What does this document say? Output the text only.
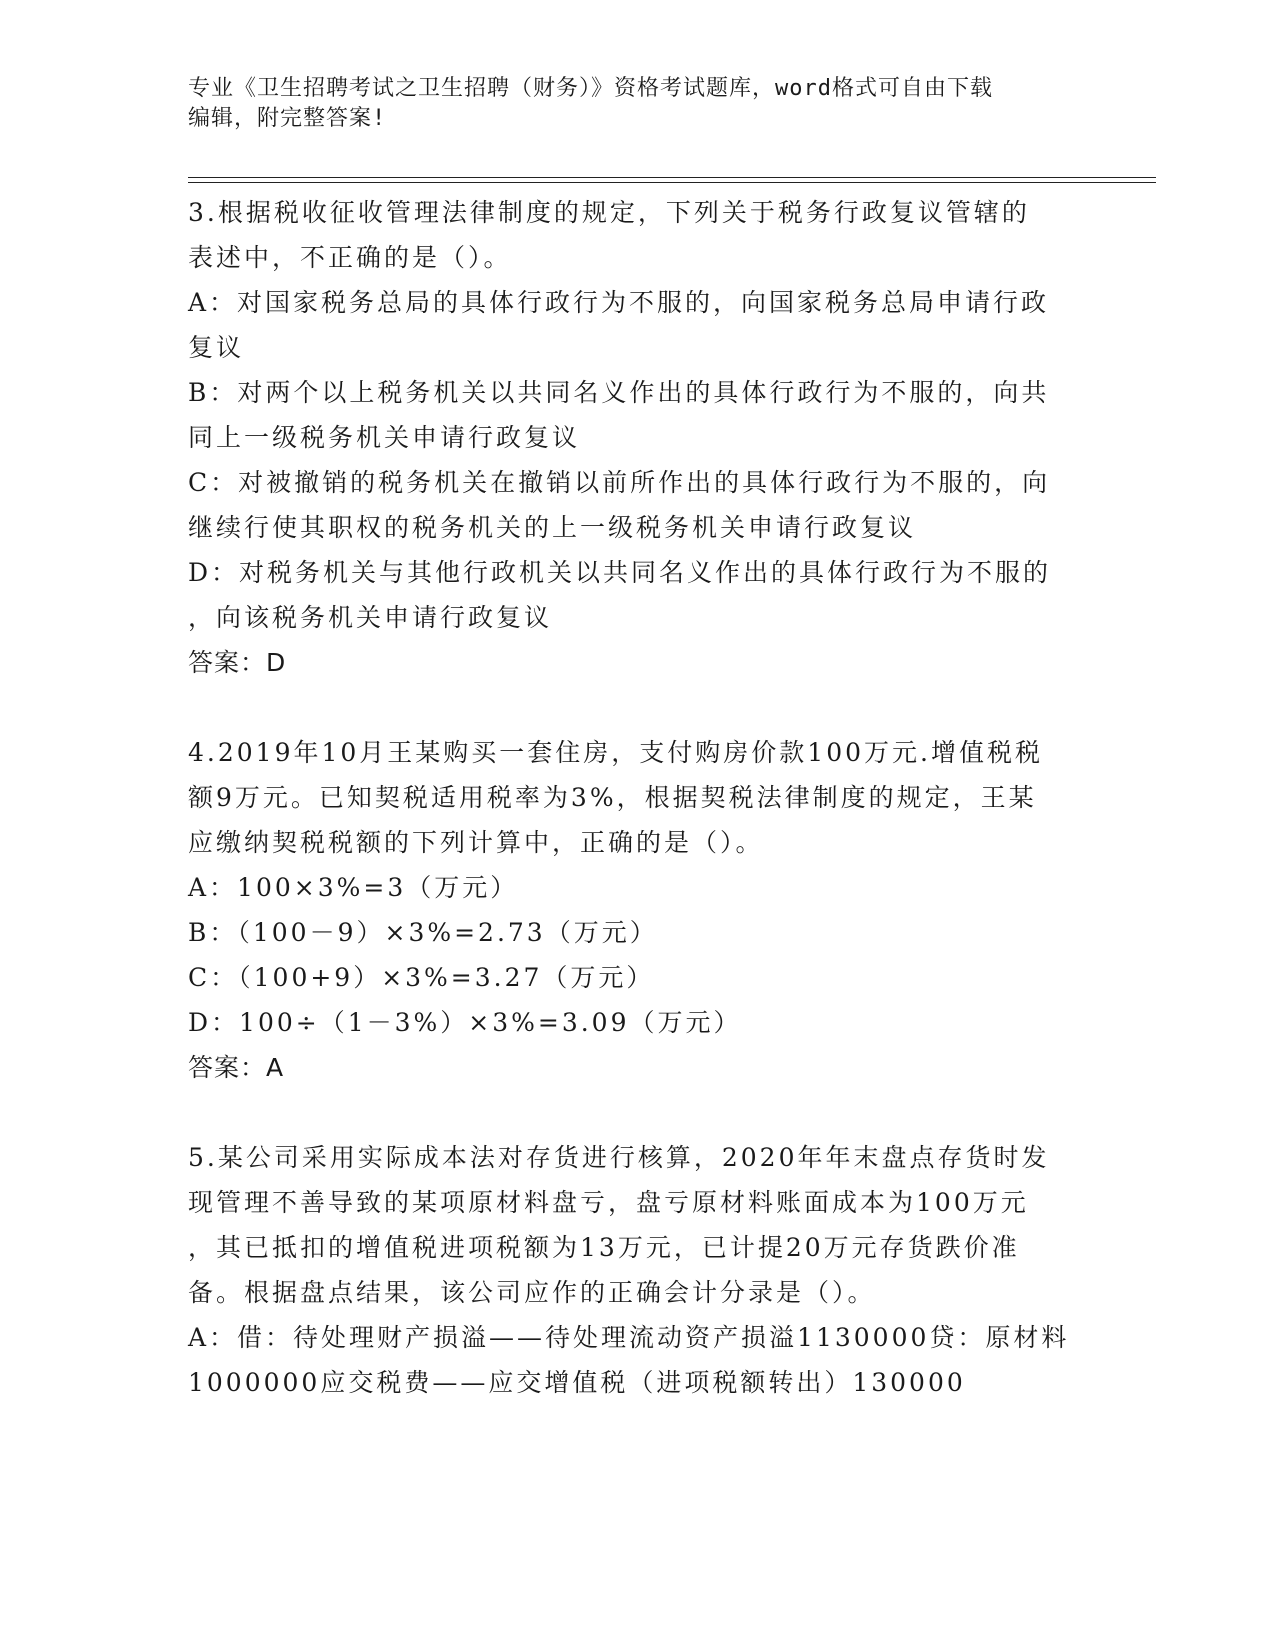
专业《卫生招聘考试之卫生招聘（财务）》资格考试题库，word格式可自由下载

编辑，附完整答案!

3.根据税收征收管理法律制度的规定，下列关于税务行政复议管辖的

表述中，不正确的是（）。

A：对国家税务总局的具体行政行为不服的，向国家税务总局申请行政

复议

B：对两个以上税务机关以共同名义作出的具体行政行为不服的，向共

同上一级税务机关申请行政复议

C：对被撤销的税务机关在撤销以前所作出的具体行政行为不服的，向

继续行使其职权的税务机关的上一级税务机关申请行政复议

D：对税务机关与其他行政机关以共同名义作出的具体行政行为不服的

，向该税务机关申请行政复议

答案：D

4.2019年10月王某购买一套住房，支付购房价款100万元.增值税税

额9万元。已知契税适用税率为3%，根据契税法律制度的规定，王某

应缴纳契税税额的下列计算中，正确的是（）。

A：100×3%=3（万元）

B：（100－9）×3%=2.73（万元）

C：（100+9）×3%=3.27（万元）

D：100÷（1－3%）×3%=3.09（万元）

答案：A

5.某公司采用实际成本法对存货进行核算，2020年年末盘点存货时发

现管理不善导致的某项原材料盘亏，盘亏原材料账面成本为100万元

，其已抵扣的增值税进项税额为13万元，已计提20万元存货跌价准

备。根据盘点结果，该公司应作的正确会计分录是（）。

A：借：待处理财产损溢——待处理流动资产损溢1130000贷：原材料

1000000应交税费——应交增值税（进项税额转出）130000
